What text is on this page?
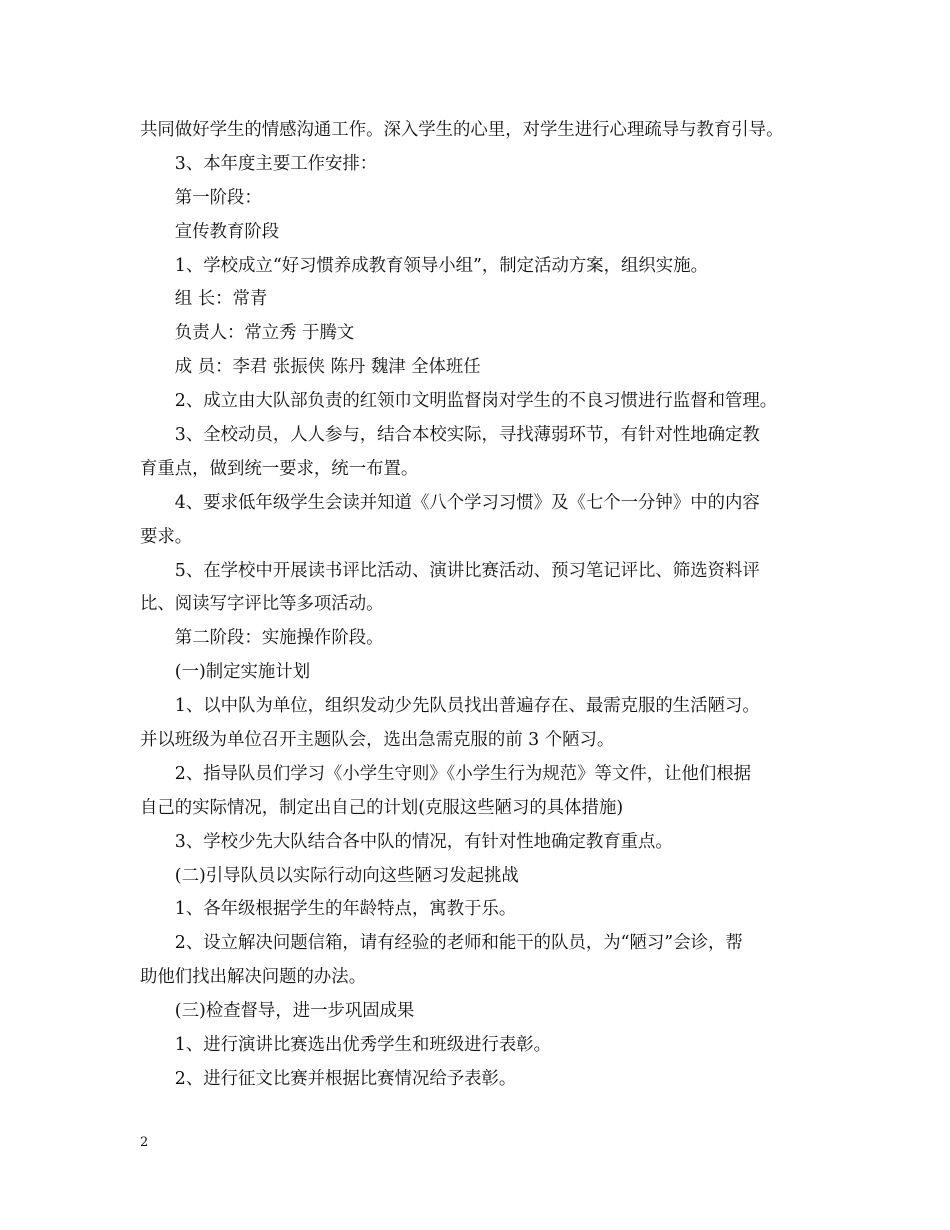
共同做好学生的情感沟通工作。深入学生的心里，对学生进行心理疏导与教育引导。
3、本年度主要工作安排：
第一阶段：
宣传教育阶段
1、学校成立“好习惯养成教育领导小组”，制定活动方案，组织实施。
组 长：常青
负责人：常立秀 于腾文
成 员：李君 张振侠 陈丹 魏津 全体班任
2、成立由大队部负责的红领巾文明监督岗对学生的不良习惯进行监督和管理。
3、全校动员，人人参与，结合本校实际，寻找薄弱环节，有针对性地确定教
育重点，做到统一要求，统一布置。
4、要求低年级学生会读并知道《八个学习习惯》及《七个一分钟》中的内容
要求。
5、在学校中开展读书评比活动、演讲比赛活动、预习笔记评比、筛选资料评
比、阅读写字评比等多项活动。
第二阶段：实施操作阶段。
(一)制定实施计划
1、以中队为单位，组织发动少先队员找出普遍存在、最需克服的生活陋习。
并以班级为单位召开主题队会，选出急需克服的前 3 个陋习。
2、指导队员们学习《小学生守则》《小学生行为规范》等文件，让他们根据
自己的实际情况，制定出自己的计划(克服这些陋习的具体措施)
3、学校少先大队结合各中队的情况，有针对性地确定教育重点。
(二)引导队员以实际行动向这些陋习发起挑战
1、各年级根据学生的年龄特点，寓教于乐。
2、设立解决问题信箱，请有经验的老师和能干的队员，为“陋习”会诊，帮
助他们找出解决问题的办法。
(三)检查督导，进一步巩固成果
1、进行演讲比赛选出优秀学生和班级进行表彰。
2、进行征文比赛并根据比赛情况给予表彰。
2
